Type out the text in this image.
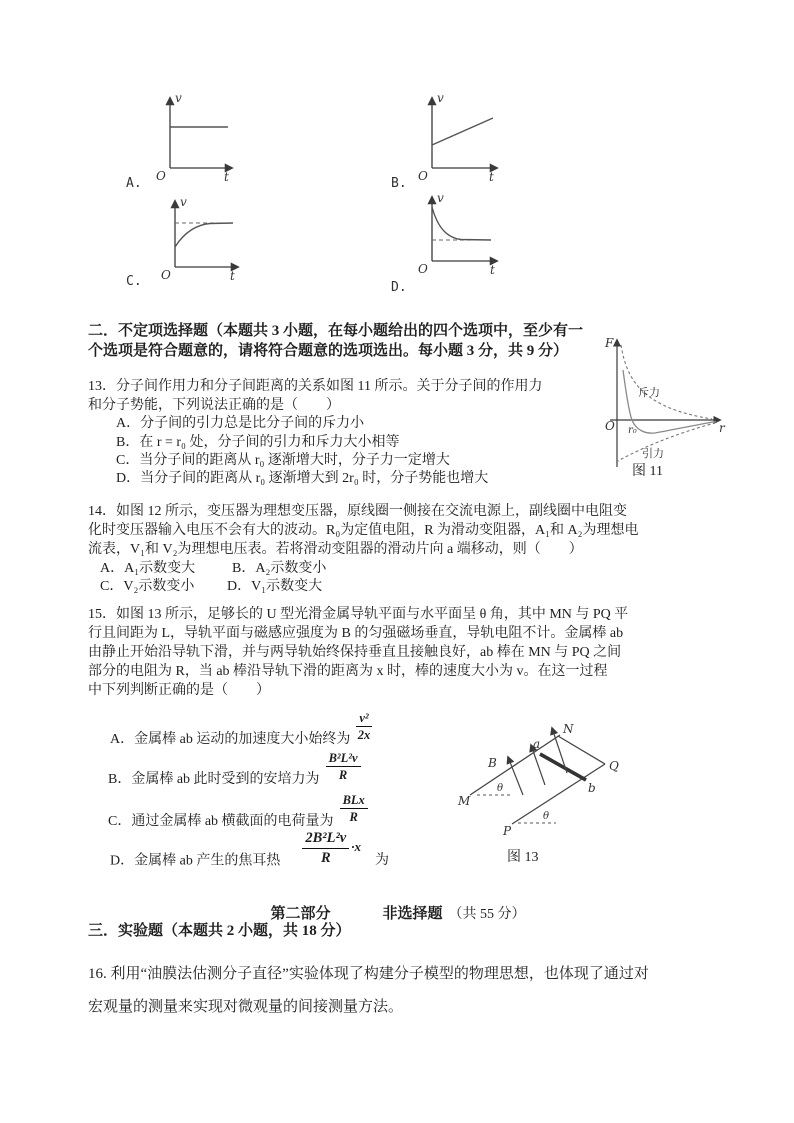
v
O	t
A.
v
O	t
B.
v
O	t
C.
v
O	t
D.
二．不定项选择题（本题共 3 小题，在每小题给出的四个选项中，至少有一
个选项是符合题意的，请将符合题意的选项选出。每小题 3 分，共 9 分）
13．分子间作用力和分子间距离的关系如图 11 所示。关于分子间的作用力
和分子势能，下列说法正确的是（　　）
A．分子间的引力总是比分子间的斥力小
B．在 r = r₀ 处，分子间的引力和斥力大小相等
C．当分子间的距离从 r₀ 逐渐增大时，分子力一定增大
D．当分子间的距离从 r₀ 逐渐增大到 2r₀ 时，分子势能也增大
F
O r₀	r
斥力
引力
图 11
14．如图 12 所示，变压器为理想变压器，原线圈一侧接在交流电源上，副线圈中电阻变
化时变压器输入电压不会有大的波动。R₀为定值电阻，R 为滑动变阻器，A₁和 A₂为理想电
流表，V₁和 V₂为理想电压表。若将滑动变阻器的滑动片向 a 端移动，则（　　）
A．A₁示数变大	B．A₂示数变小
C．V₂示数变小 D．V₁示数变大
15．如图 13 所示，足够长的 U 型光滑金属导轨平面与水平面呈 θ 角，其中 MN 与 PQ 平
行且间距为 L，导轨平面与磁感应强度为 B 的匀强磁场垂直，导轨电阻不计。金属棒 ab
由静止开始沿导轨下滑，并与两导轨始终保持垂直且接触良好，ab 棒在 MN 与 PQ 之间
部分的电阻为 R，当 ab 棒沿导轨下滑的距离为 x 时，棒的速度大小为 v。在这一过程
中下列判断正确的是（　　）
A．金属棒 ab 运动的加速度大小始终为 $\frac{\text{v²}}{2x}$
B．金属棒 ab 此时受到的安培力为 $\frac{\text{B²L²v}}{R}$
C．通过金属棒 ab 横截面的电荷量为 $\frac{\text{BLx}}{R}$
D．金属棒 ab 产生的焦耳热 $\frac{\text{2B²L²v}}{R} \cdot x$为
M
N
Q
P
a
b
B
θ
θ
图 13
第二部分	非选择题 （共 55 分）
三．实验题（本题共 2 小题，共 18 分）
16. 利用“油膜法估测分子直径”实验体现了构建分子模型的物理思想，也体现了通过对
宏观量的测量来实现对微观量的间接测量方法。
